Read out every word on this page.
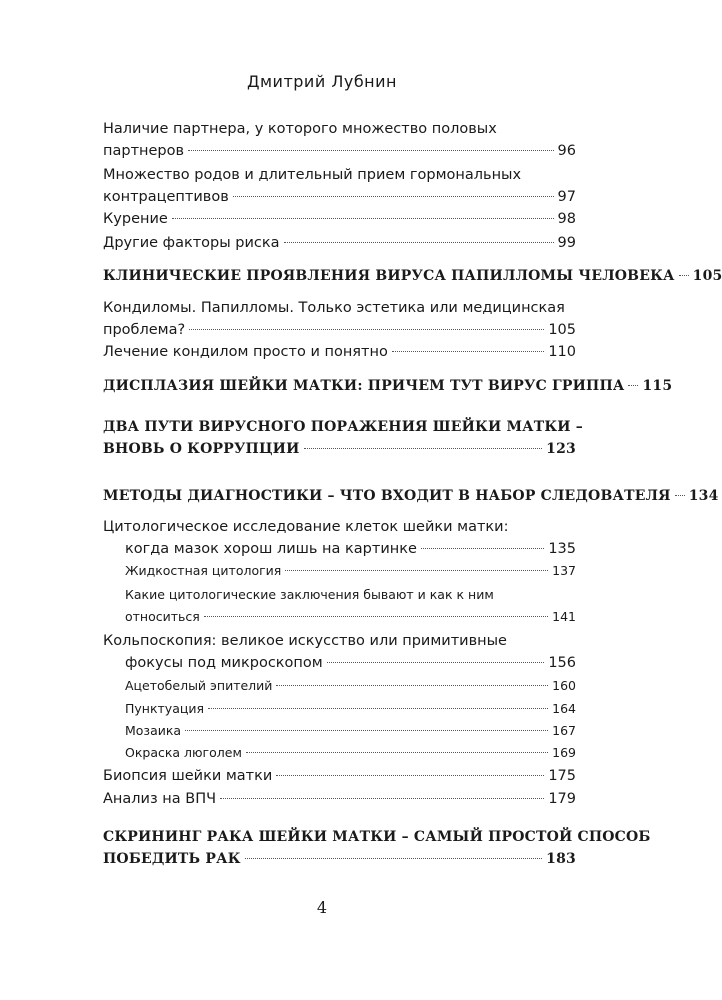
Дмитрий Лубнин
Наличие партнера, у которого множество половых
партнеров	96
Множество родов и длительный прием гормональных
контрацептивов	97
Курение	98
Другие факторы риска	99
КЛИНИЧЕСКИЕ ПРОЯВЛЕНИЯ ВИРУСА ПАПИЛЛОМЫ ЧЕЛОВЕКА 105
Кондиломы. Папилломы. Только эстетика или медицинская
проблема?	105
Лечение кондилом просто и понятно	110
ДИСПЛАЗИЯ ШЕЙКИ МАТКИ: ПРИЧЕМ ТУТ ВИРУС ГРИППА 115
ДВА ПУТИ ВИРУСНОГО ПОРАЖЕНИЯ ШЕЙКИ МАТКИ –
ВНОВЬ О КОРРУПЦИИ	123
МЕТОДЫ ДИАГНОСТИКИ – ЧТО ВХОДИТ В НАБОР СЛЕДОВАТЕЛЯ 134
Цитологическое исследование клеток шейки матки:
когда мазок хорош лишь на картинке	135
Жидкостная цитология	137
Какие цитологические заключения бывают и как к ним
относиться	141
Кольпоскопия: великое искусство или примитивные
фокусы под микроскопом	156
Ацетобелый эпителий	160
Пунктуация	164
Мозаика	167
Окраска люголем	169
Биопсия шейки матки	175
Анализ на ВПЧ	179
СКРИНИНГ РАКА ШЕЙКИ МАТКИ – САМЫЙ ПРОСТОЙ СПОСОБ
ПОБЕДИТЬ РАК	183
4
